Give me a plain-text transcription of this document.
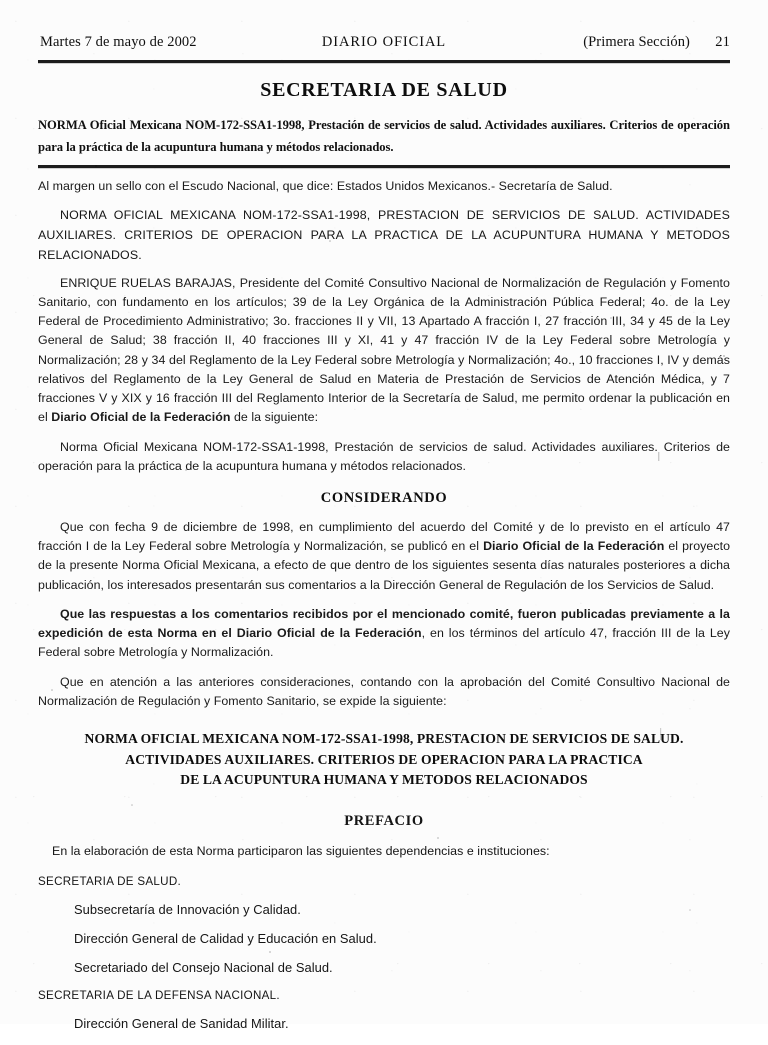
Martes 7 de mayo de 2002	DIARIO OFICIAL	(Primera Sección) 21
SECRETARIA DE SALUD
NORMA Oficial Mexicana NOM-172-SSA1-1998, Prestación de servicios de salud. Actividades auxiliares. Criterios de operación para la práctica de la acupuntura humana y métodos relacionados.

Al margen un sello con el Escudo Nacional, que dice: Estados Unidos Mexicanos.- Secretaría de Salud.

NORMA OFICIAL MEXICANA NOM-172-SSA1-1998, PRESTACION DE SERVICIOS DE SALUD. ACTIVIDADES AUXILIARES. CRITERIOS DE OPERACION PARA LA PRACTICA DE LA ACUPUNTURA HUMANA Y METODOS RELACIONADOS.

ENRIQUE RUELAS BARAJAS, Presidente del Comité Consultivo Nacional de Normalización de Regulación y Fomento Sanitario, con fundamento en los artículos; 39 de la Ley Orgánica de la Administración Pública Federal; 4o. de la Ley Federal de Procedimiento Administrativo; 3o. fracciones II y VII, 13 Apartado A fracción I, 27 fracción III, 34 y 45 de la Ley General de Salud; 38 fracción II, 40 fracciones III y XI, 41 y 47 fracción IV de la Ley Federal sobre Metrología y Normalización; 28 y 34 del Reglamento de la Ley Federal sobre Metrología y Normalización; 4o., 10 fracciones I, IV y demás relativos del Reglamento de la Ley General de Salud en Materia de Prestación de Servicios de Atención Médica, y 7 fracciones V y XIX y 16 fracción III del Reglamento Interior de la Secretaría de Salud, me permito ordenar la publicación en el Diario Oficial de la Federación de la siguiente:

Norma Oficial Mexicana NOM-172-SSA1-1998, Prestación de servicios de salud. Actividades auxiliares. Criterios de operación para la práctica de la acupuntura humana y métodos relacionados.

CONSIDERANDO

Que con fecha 9 de diciembre de 1998, en cumplimiento del acuerdo del Comité y de lo previsto en el artículo 47 fracción I de la Ley Federal sobre Metrología y Normalización, se publicó en el Diario Oficial de la Federación el proyecto de la presente Norma Oficial Mexicana, a efecto de que dentro de los siguientes sesenta días naturales posteriores a dicha publicación, los interesados presentarán sus comentarios a la Dirección General de Regulación de los Servicios de Salud.

Que las respuestas a los comentarios recibidos por el mencionado comité, fueron publicadas previamente a la expedición de esta Norma en el Diario Oficial de la Federación, en los términos del artículo 47, fracción III de la Ley Federal sobre Metrología y Normalización.

Que en atención a las anteriores consideraciones, contando con la aprobación del Comité Consultivo Nacional de Normalización de Regulación y Fomento Sanitario, se expide la siguiente:

NORMA OFICIAL MEXICANA NOM-172-SSA1-1998, PRESTACION DE SERVICIOS DE SALUD.
ACTIVIDADES AUXILIARES. CRITERIOS DE OPERACION PARA LA PRACTICA
DE LA ACUPUNTURA HUMANA Y METODOS RELACIONADOS
PREFACIO

En la elaboración de esta Norma participaron las siguientes dependencias e instituciones:

SECRETARIA DE SALUD.
Subsecretaría de Innovación y Calidad.
Dirección General de Calidad y Educación en Salud.
Secretariado del Consejo Nacional de Salud.
SECRETARIA DE LA DEFENSA NACIONAL.
Dirección General de Sanidad Militar.
